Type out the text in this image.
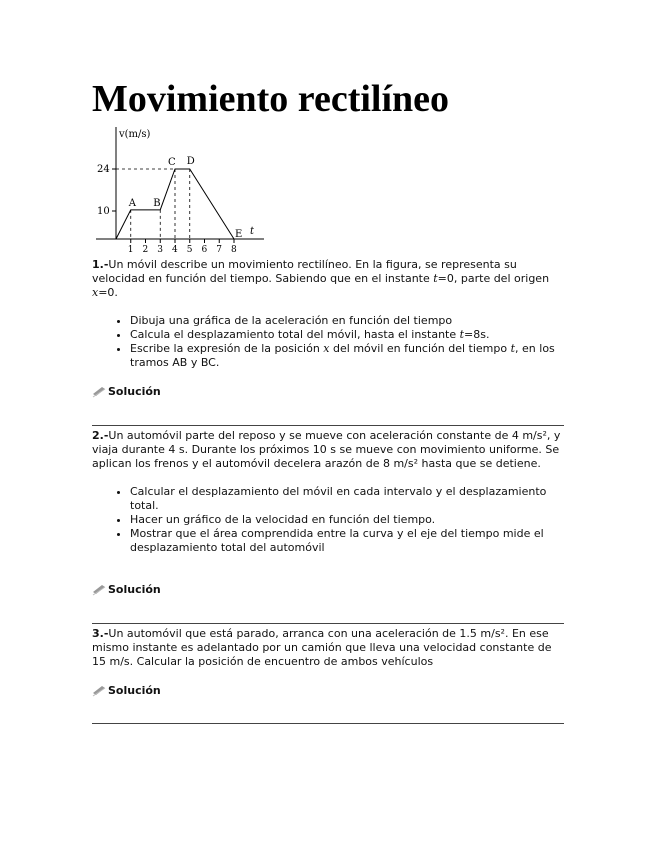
Movimiento rectilíneo
v(m/s)
24
10
t
1 2 3 4 5 6 7 8
A B
C D
E

1.-Un móvil describe un movimiento rectilíneo. En la figura, se representa su velocidad en función del tiempo. Sabiendo que en el instante t=0, parte del origen x=0.

• Dibuja una gráfica de la aceleración en función del tiempo
• Calcula el desplazamiento total del móvil, hasta el instante t=8s.
• Escribe la expresión de la posición x del móvil en función del tiempo t, en los tramos AB y BC.
Solución

2.-Un automóvil parte del reposo y se mueve con aceleración constante de 4 m/s², y viaja durante 4 s. Durante los próximos 10 s se mueve con movimiento uniforme. Se aplican los frenos y el automóvil decelera arazón de 8 m/s² hasta que se detiene.

• Calcular el desplazamiento del móvil en cada intervalo y el desplazamiento total.
• Hacer un gráfico de la velocidad en función del tiempo.
• Mostrar que el área comprendida entre la curva y el eje del tiempo mide el desplazamiento total del automóvil
Solución

3.-Un automóvil que está parado, arranca con una aceleración de 1.5 m/s². En ese mismo instante es adelantado por un camión que lleva una velocidad constante de 15 m/s. Calcular la posición de encuentro de ambos vehículos

Solución
